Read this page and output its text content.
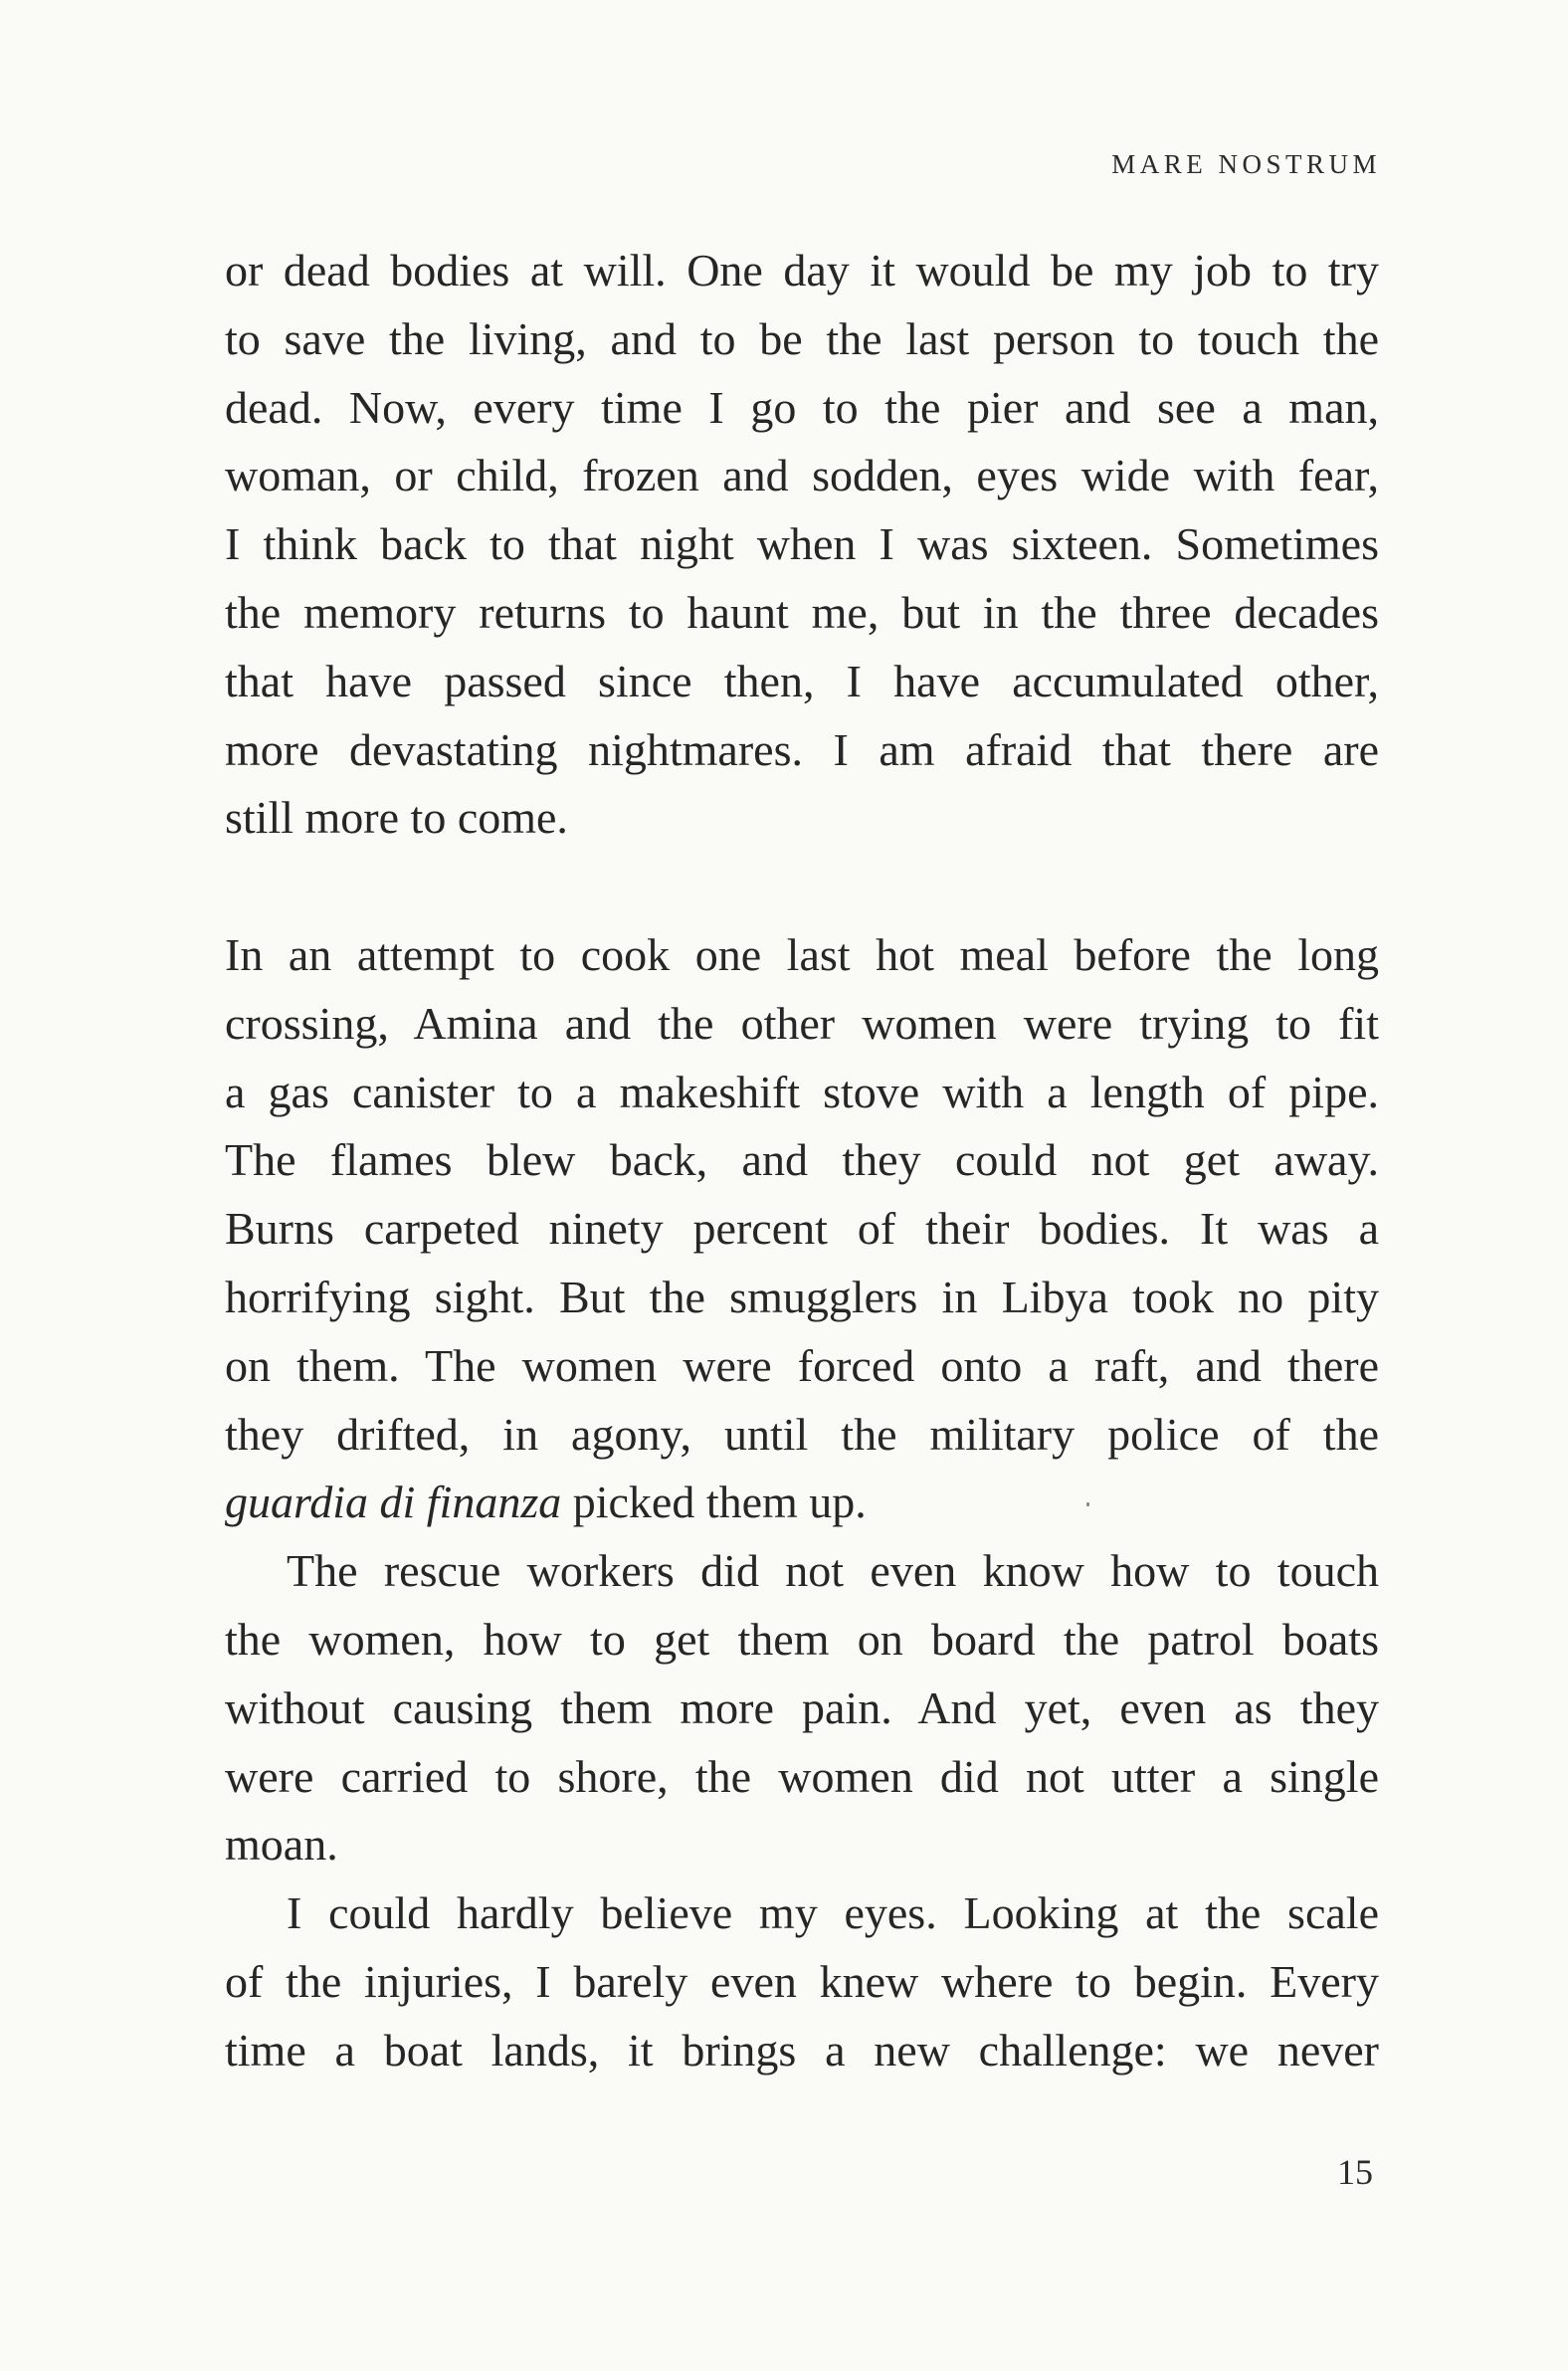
MARE NOSTRUM

or dead bodies at will. One day it would be my job to try
to save the living, and to be the last person to touch the
dead. Now, every time I go to the pier and see a man,
woman, or child, frozen and sodden, eyes wide with fear,
I think back to that night when I was sixteen. Sometimes
the memory returns to haunt me, but in the three decades
that have passed since then, I have accumulated other,
more devastating nightmares. I am afraid that there are
still more to come.

In an attempt to cook one last hot meal before the long
crossing, Amina and the other women were trying to fit
a gas canister to a makeshift stove with a length of pipe.
The flames blew back, and they could not get away.
Burns carpeted ninety percent of their bodies. It was a
horrifying sight. But the smugglers in Libya took no pity
on them. The women were forced onto a raft, and there
they drifted, in agony, until the military police of the
guardia di finanza picked them up.

The rescue workers did not even know how to touch
the women, how to get them on board the patrol boats
without causing them more pain. And yet, even as they
were carried to shore, the women did not utter a single
moan.

I could hardly believe my eyes. Looking at the scale
of the injuries, I barely even knew where to begin. Every
time a boat lands, it brings a new challenge: we never

15
